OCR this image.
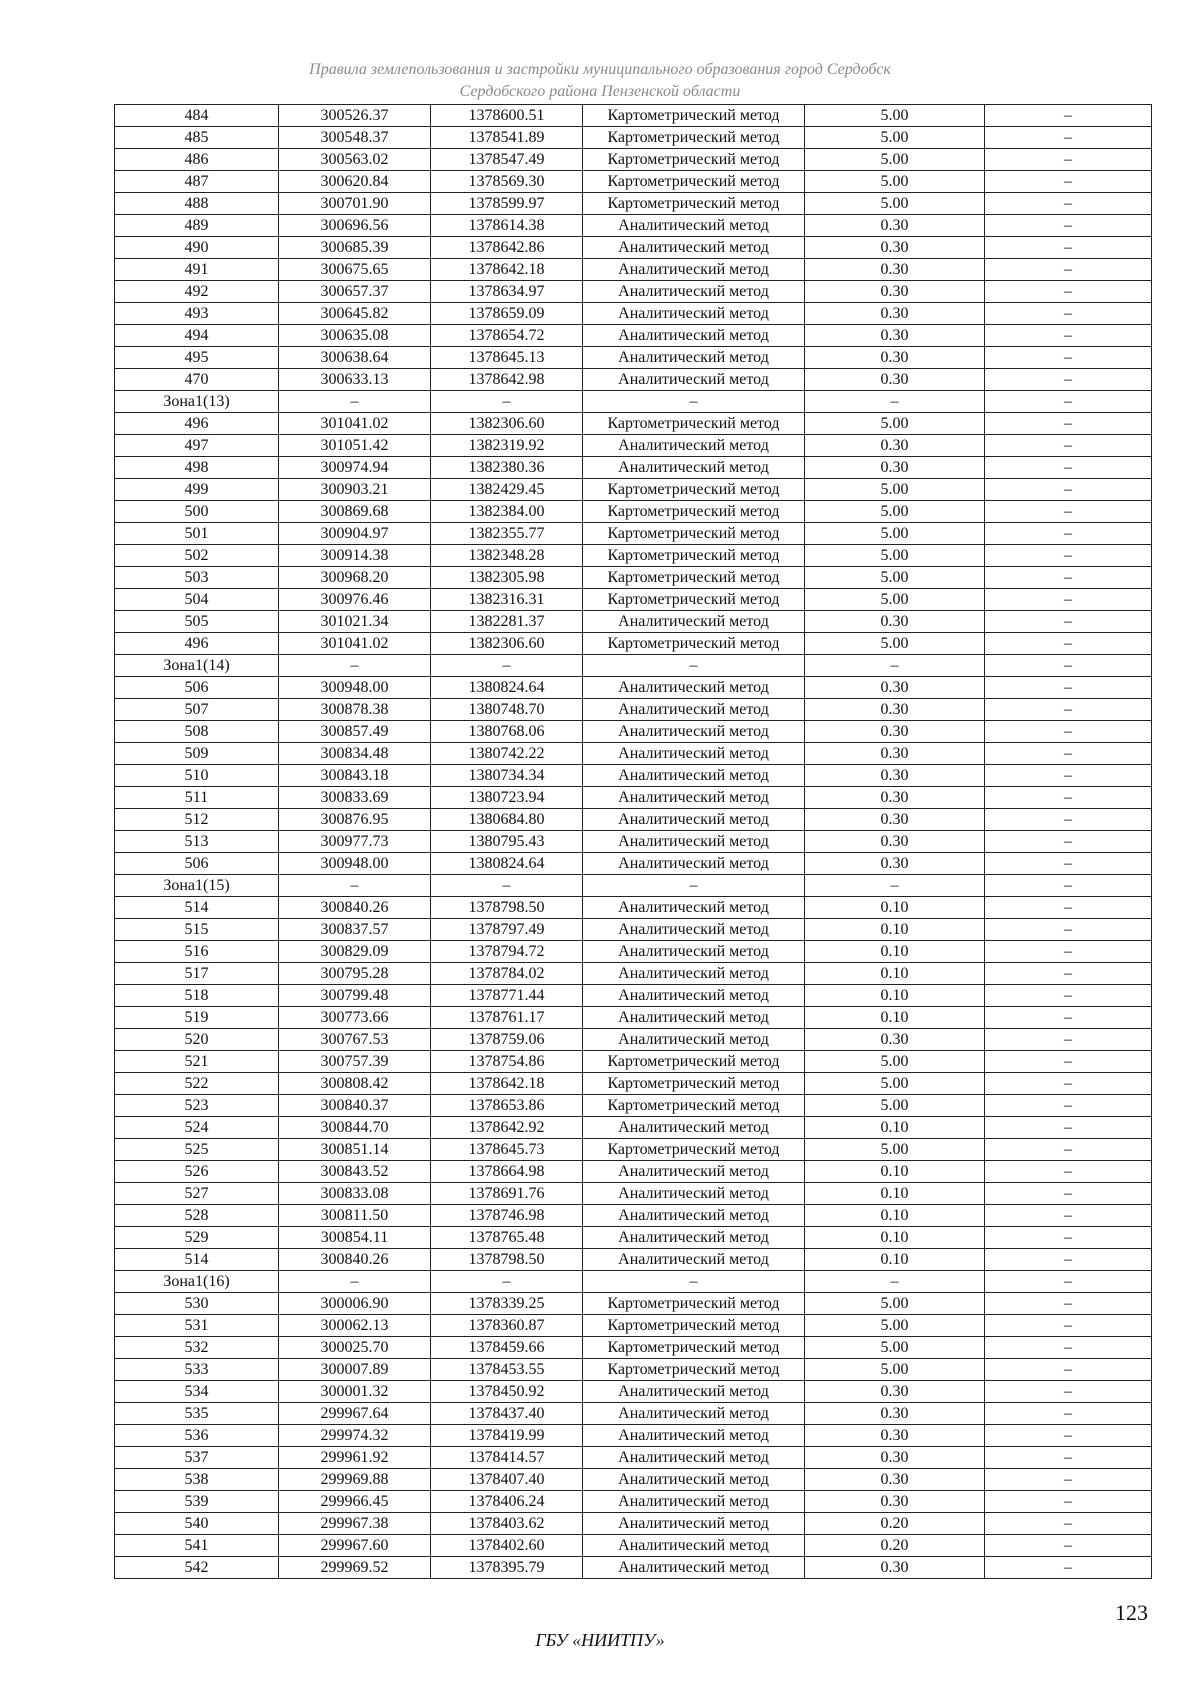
Правила землепользования и застройки муниципального образования город Сердобск
Сердобского района Пензенской области
484	300526.37	1378600.51	Картометрический метод	5.00	–
485	300548.37	1378541.89	Картометрический метод	5.00	–
486	300563.02	1378547.49	Картометрический метод	5.00	–
487	300620.84	1378569.30	Картометрический метод	5.00	–
488	300701.90	1378599.97	Картометрический метод	5.00	–
489	300696.56	1378614.38	Аналитический метод	0.30	–
490	300685.39	1378642.86	Аналитический метод	0.30	–
491	300675.65	1378642.18	Аналитический метод	0.30	–
492	300657.37	1378634.97	Аналитический метод	0.30	–
493	300645.82	1378659.09	Аналитический метод	0.30	–
494	300635.08	1378654.72	Аналитический метод	0.30	–
495	300638.64	1378645.13	Аналитический метод	0.30	–
470	300633.13	1378642.98	Аналитический метод	0.30	–
Зона1(13)	–	–	–	–	–
496	301041.02	1382306.60	Картометрический метод	5.00	–
497	301051.42	1382319.92	Аналитический метод	0.30	–
498	300974.94	1382380.36	Аналитический метод	0.30	–
499	300903.21	1382429.45	Картометрический метод	5.00	–
500	300869.68	1382384.00	Картометрический метод	5.00	–
501	300904.97	1382355.77	Картометрический метод	5.00	–
502	300914.38	1382348.28	Картометрический метод	5.00	–
503	300968.20	1382305.98	Картометрический метод	5.00	–
504	300976.46	1382316.31	Картометрический метод	5.00	–
505	301021.34	1382281.37	Аналитический метод	0.30	–
496	301041.02	1382306.60	Картометрический метод	5.00	–
Зона1(14)	–	–	–	–	–
506	300948.00	1380824.64	Аналитический метод	0.30	–
507	300878.38	1380748.70	Аналитический метод	0.30	–
508	300857.49	1380768.06	Аналитический метод	0.30	–
509	300834.48	1380742.22	Аналитический метод	0.30	–
510	300843.18	1380734.34	Аналитический метод	0.30	–
511	300833.69	1380723.94	Аналитический метод	0.30	–
512	300876.95	1380684.80	Аналитический метод	0.30	–
513	300977.73	1380795.43	Аналитический метод	0.30	–
506	300948.00	1380824.64	Аналитический метод	0.30	–
Зона1(15)	–	–	–	–	–
514	300840.26	1378798.50	Аналитический метод	0.10	–
515	300837.57	1378797.49	Аналитический метод	0.10	–
516	300829.09	1378794.72	Аналитический метод	0.10	–
517	300795.28	1378784.02	Аналитический метод	0.10	–
518	300799.48	1378771.44	Аналитический метод	0.10	–
519	300773.66	1378761.17	Аналитический метод	0.10	–
520	300767.53	1378759.06	Аналитический метод	0.30	–
521	300757.39	1378754.86	Картометрический метод	5.00	–
522	300808.42	1378642.18	Картометрический метод	5.00	–
523	300840.37	1378653.86	Картометрический метод	5.00	–
524	300844.70	1378642.92	Аналитический метод	0.10	–
525	300851.14	1378645.73	Картометрический метод	5.00	–
526	300843.52	1378664.98	Аналитический метод	0.10	–
527	300833.08	1378691.76	Аналитический метод	0.10	–
528	300811.50	1378746.98	Аналитический метод	0.10	–
529	300854.11	1378765.48	Аналитический метод	0.10	–
514	300840.26	1378798.50	Аналитический метод	0.10	–
Зона1(16)	–	–	–	–	–
530	300006.90	1378339.25	Картометрический метод	5.00	–
531	300062.13	1378360.87	Картометрический метод	5.00	–
532	300025.70	1378459.66	Картометрический метод	5.00	–
533	300007.89	1378453.55	Картометрический метод	5.00	–
534	300001.32	1378450.92	Аналитический метод	0.30	–
535	299967.64	1378437.40	Аналитический метод	0.30	–
536	299974.32	1378419.99	Аналитический метод	0.30	–
537	299961.92	1378414.57	Аналитический метод	0.30	–
538	299969.88	1378407.40	Аналитический метод	0.30	–
539	299966.45	1378406.24	Аналитический метод	0.30	–
540	299967.38	1378403.62	Аналитический метод	0.20	–
541	299967.60	1378402.60	Аналитический метод	0.20	–
542	299969.52	1378395.79	Аналитический метод	0.30	–
123
ГБУ «НИИТПУ»
